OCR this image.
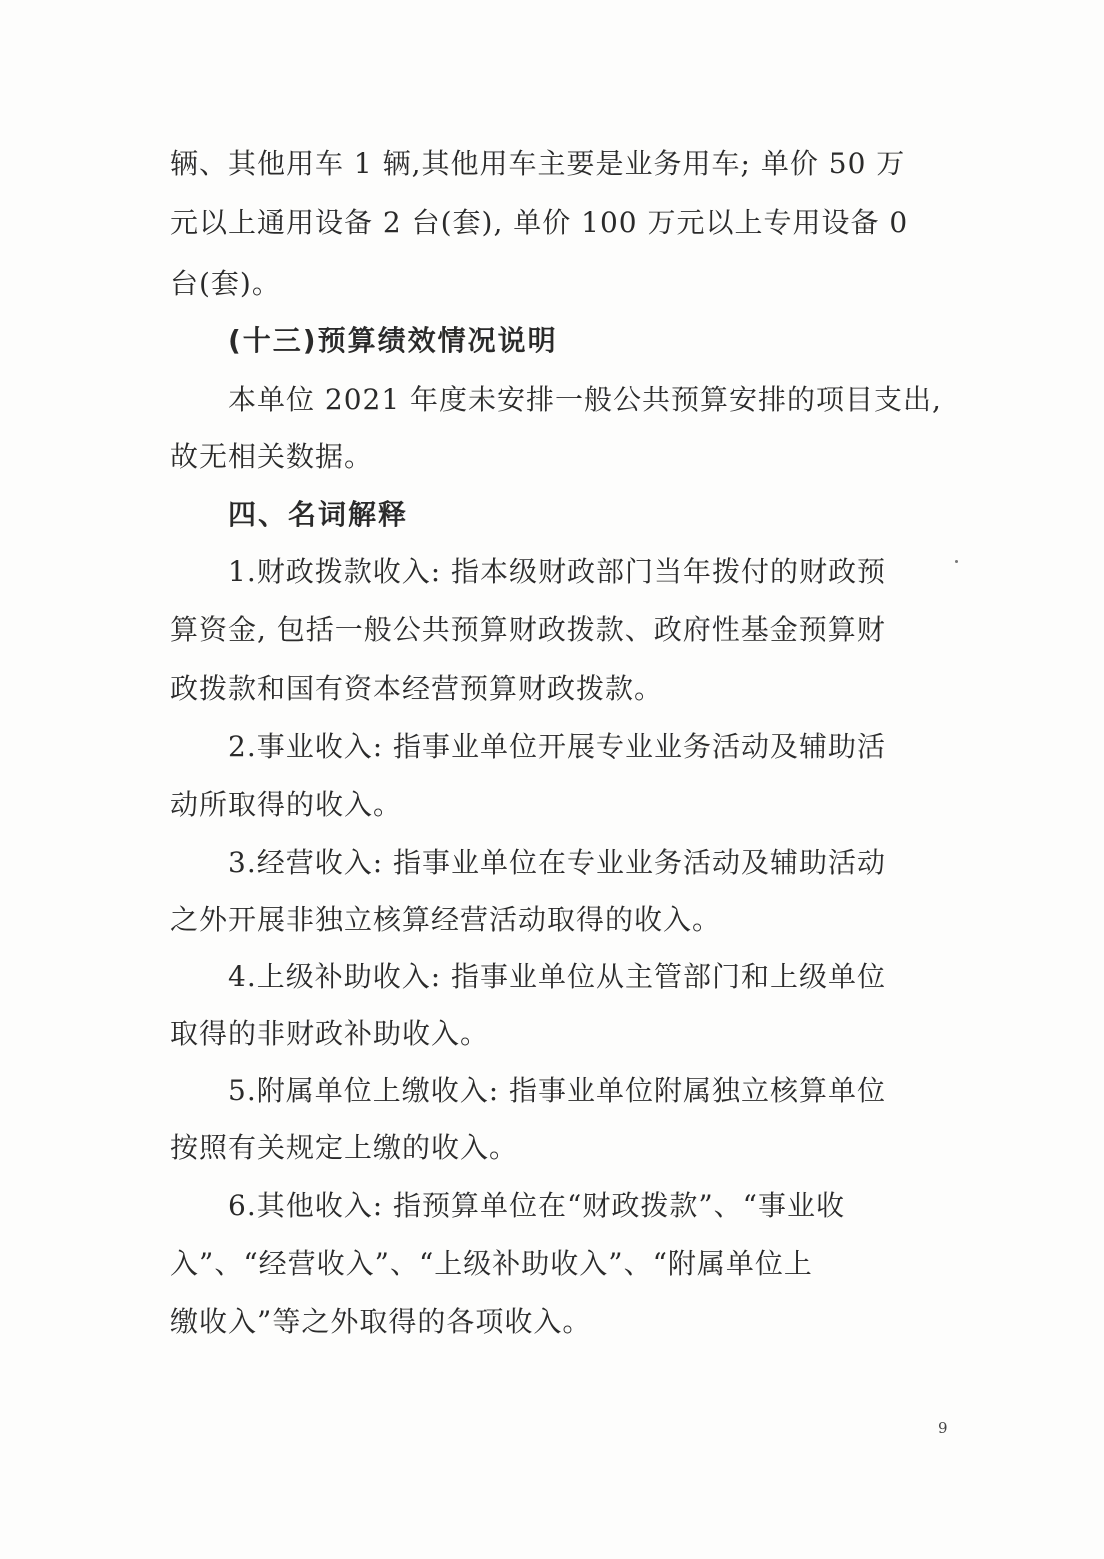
辆、其他用车 1 辆,其他用车主要是业务用车; 单价 50 万
元以上通用设备 2 台(套), 单价 100 万元以上专用设备 0
台(套)。
(十三)预算绩效情况说明
本单位 2021 年度未安排一般公共预算安排的项目支出,
故无相关数据。
四、名词解释
1.财政拨款收入: 指本级财政部门当年拨付的财政预
算资金, 包括一般公共预算财政拨款、政府性基金预算财
政拨款和国有资本经营预算财政拨款。
2.事业收入: 指事业单位开展专业业务活动及辅助活
动所取得的收入。
3.经营收入: 指事业单位在专业业务活动及辅助活动
之外开展非独立核算经营活动取得的收入。
4.上级补助收入: 指事业单位从主管部门和上级单位
取得的非财政补助收入。
5.附属单位上缴收入: 指事业单位附属独立核算单位
按照有关规定上缴的收入。
6.其他收入: 指预算单位在“财政拨款”、“事业收
入”、“经营收入”、“上级补助收入”、“附属单位上
缴收入”等之外取得的各项收入。
9
